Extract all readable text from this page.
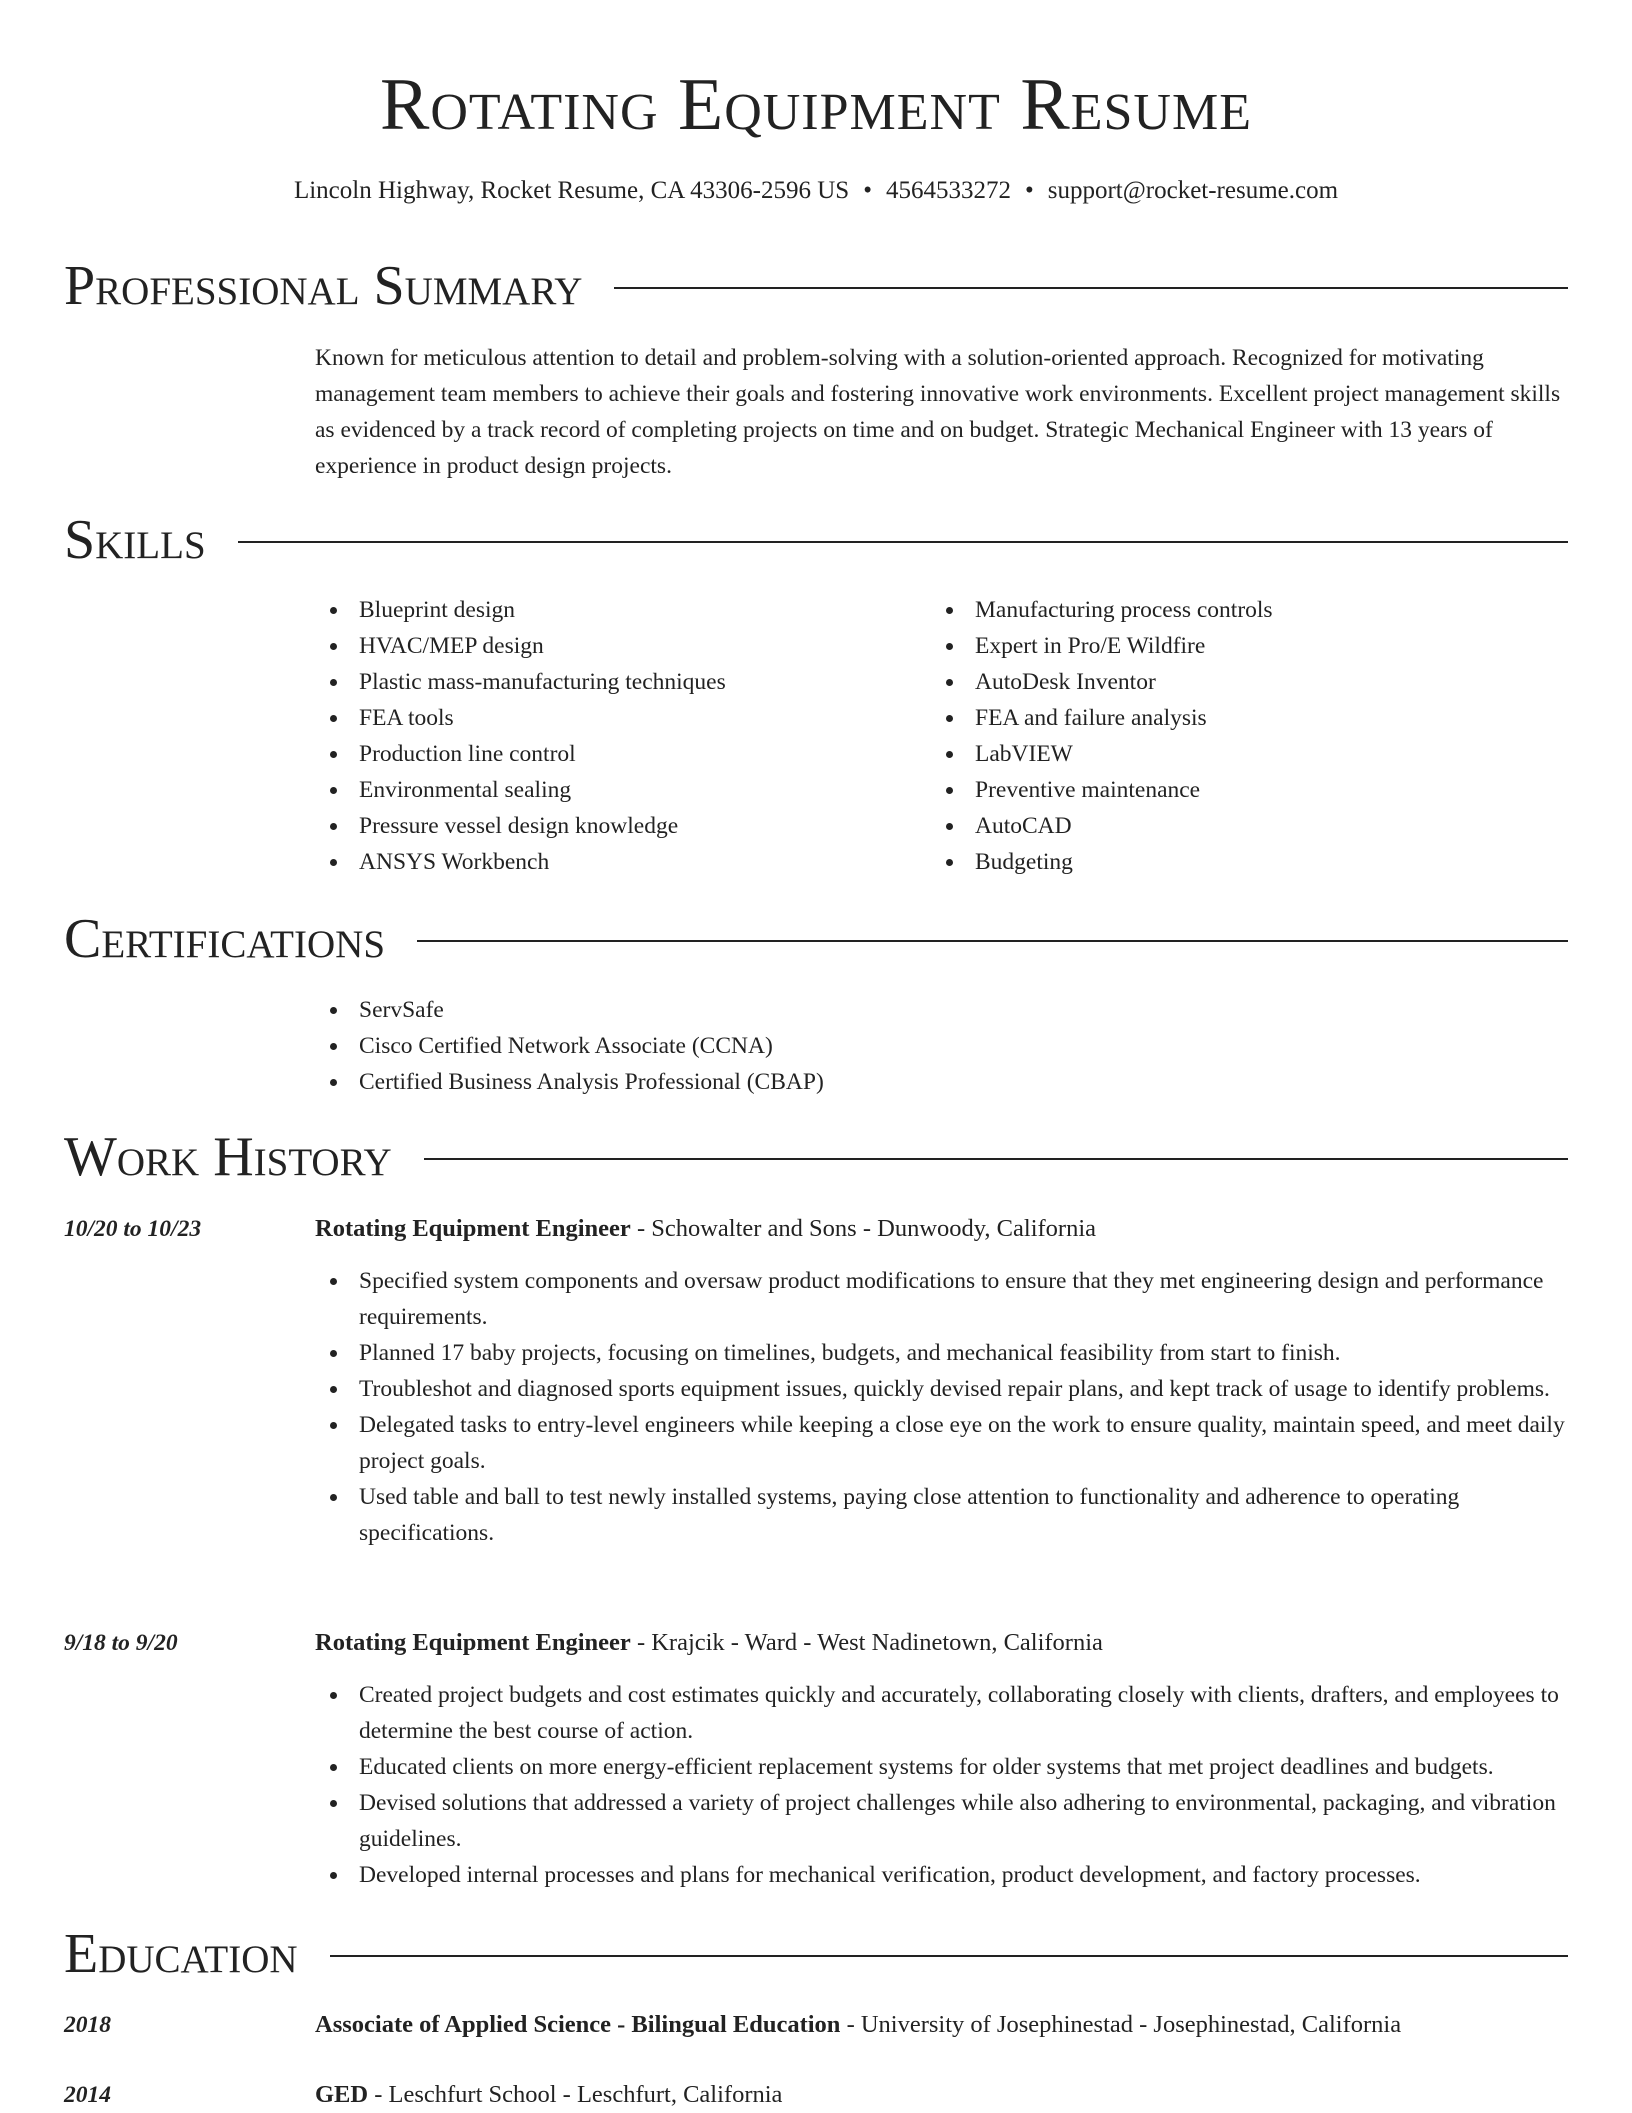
Rotating Equipment Resume
Lincoln Highway, Rocket Resume, CA 43306-2596 US • 4564533272 • support@rocket-resume.com
Professional Summary

Known for meticulous attention to detail and problem-solving with a solution-oriented approach. Recognized for motivating management team members to achieve their goals and fostering innovative work environments. Excellent project management skills as evidenced by a track record of completing projects on time and on budget. Strategic Mechanical Engineer with 13 years of experience in product design projects.

Skills
Blueprint design
HVAC/MEP design
Plastic mass-manufacturing techniques
FEA tools
Production line control
Environmental sealing
Pressure vessel design knowledge
ANSYS Workbench
Manufacturing process controls
Expert in Pro/E Wildfire
AutoDesk Inventor
FEA and failure analysis
LabVIEW
Preventive maintenance
AutoCAD
Budgeting
Certifications
ServSafe
Cisco Certified Network Associate (CCNA)
Certified Business Analysis Professional (CBAP)
Work History
10/20 to 10/23	Rotating Equipment Engineer - Schowalter and Sons - Dunwoody, California
Specified system components and oversaw product modifications to ensure that they met engineering design and performance requirements.
Planned 17 baby projects, focusing on timelines, budgets, and mechanical feasibility from start to finish.
Troubleshot and diagnosed sports equipment issues, quickly devised repair plans, and kept track of usage to identify problems.
Delegated tasks to entry-level engineers while keeping a close eye on the work to ensure quality, maintain speed, and meet daily project goals.
Used table and ball to test newly installed systems, paying close attention to functionality and adherence to operating specifications.
9/18 to 9/20	Rotating Equipment Engineer - Krajcik - Ward - West Nadinetown, California
Created project budgets and cost estimates quickly and accurately, collaborating closely with clients, drafters, and employees to determine the best course of action.
Educated clients on more energy-efficient replacement systems for older systems that met project deadlines and budgets.
Devised solutions that addressed a variety of project challenges while also adhering to environmental, packaging, and vibration guidelines.
Developed internal processes and plans for mechanical verification, product development, and factory processes.
Education
2018	Associate of Applied Science - Bilingual Education - University of Josephinestad - Josephinestad, California
2014	GED - Leschfurt School - Leschfurt, California
